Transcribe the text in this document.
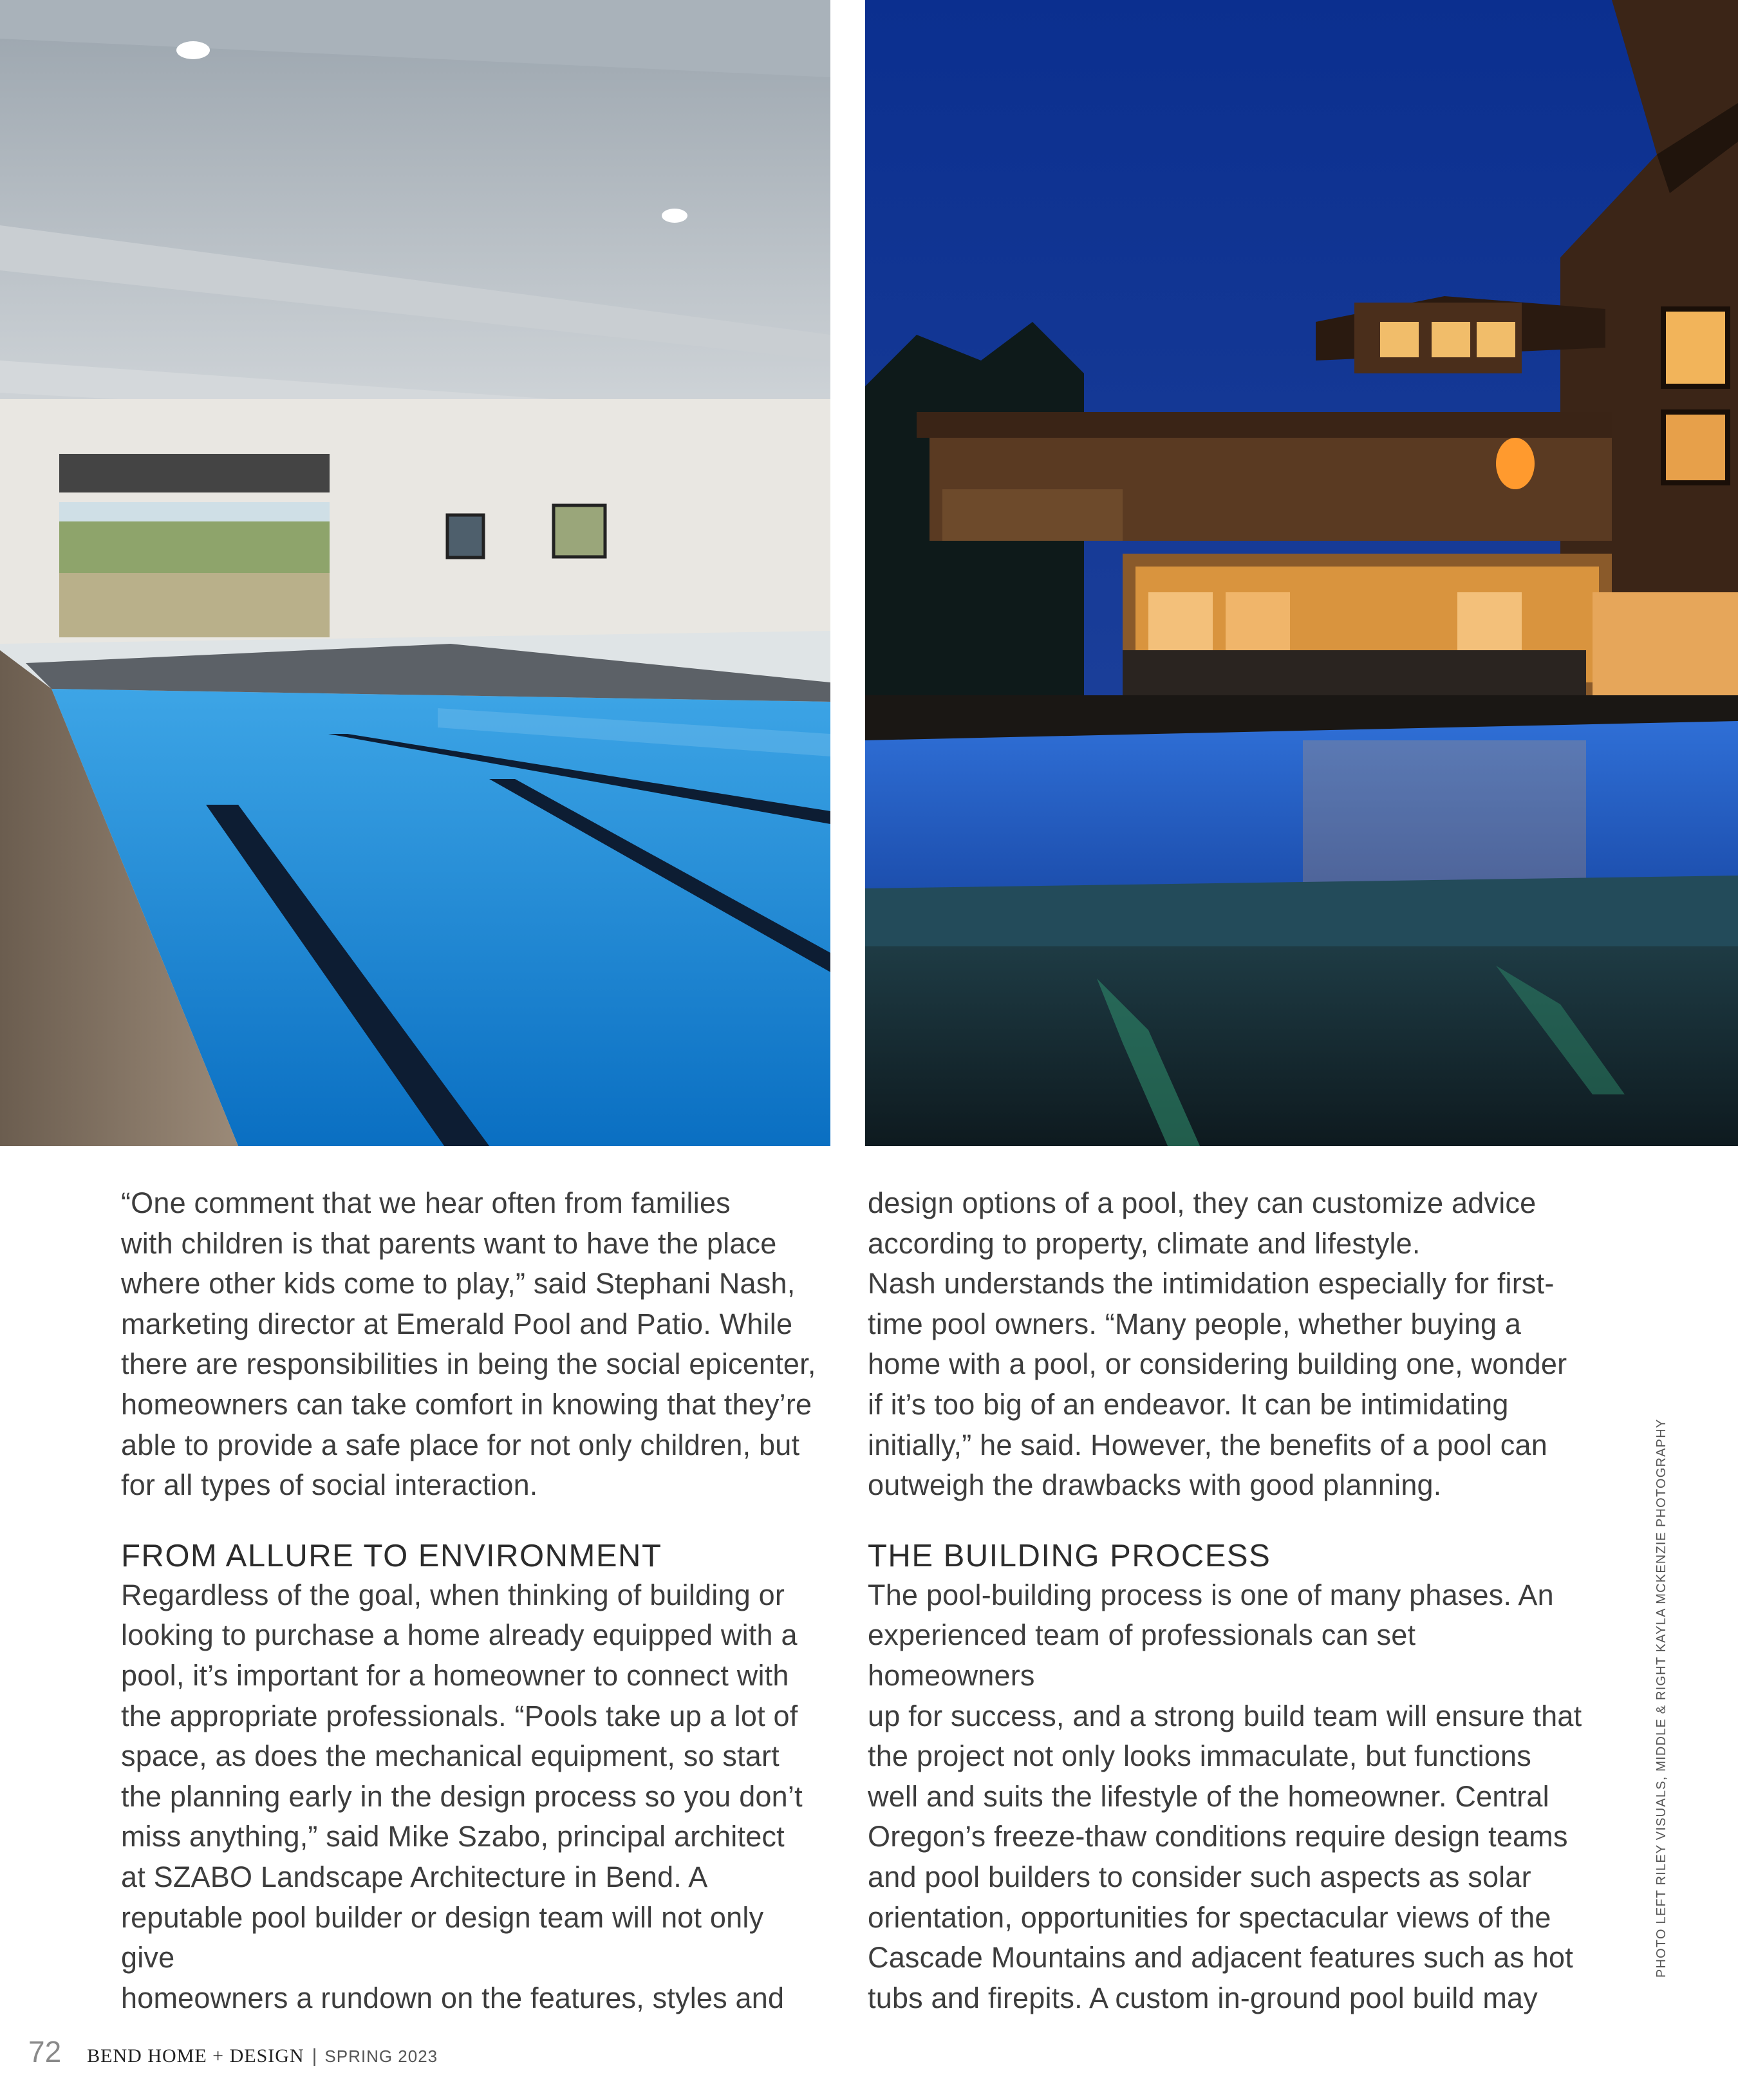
“One comment that we hear often from families
with children is that parents want to have the place
where other kids come to play,” said Stephani Nash,
marketing director at Emerald Pool and Patio. While
there are responsibilities in being the social epicenter,
homeowners can take comfort in knowing that they’re
able to provide a safe place for not only children, but
for all types of social interaction.

FROM ALLURE TO ENVIRONMENT

Regardless of the goal, when thinking of building or
looking to purchase a home already equipped with a
pool, it’s important for a homeowner to connect with
the appropriate professionals. “Pools take up a lot of
space, as does the mechanical equipment, so start
the planning early in the design process so you don’t
miss anything,” said Mike Szabo, principal architect
at SZABO Landscape Architecture in Bend. A
reputable pool builder or design team will not only give
homeowners a rundown on the features, styles and

design options of a pool, they can customize advice
according to property, climate and lifestyle.

Nash understands the intimidation especially for first-
time pool owners. “Many people, whether buying a
home with a pool, or considering building one, wonder
if it’s too big of an endeavor. It can be intimidating
initially,” he said. However, the benefits of a pool can
outweigh the drawbacks with good planning.

THE BUILDING PROCESS

The pool-building process is one of many phases. An
experienced team of professionals can set homeowners
up for success, and a strong build team will ensure that
the project not only looks immaculate, but functions
well and suits the lifestyle of the homeowner. Central
Oregon’s freeze-thaw conditions require design teams
and pool builders to consider such aspects as solar
orientation, opportunities for spectacular views of the
Cascade Mountains and adjacent features such as hot
tubs and firepits. A custom in-ground pool build may

PHOTO LEFT RILEY VISUALS, MIDDLE & RIGHT KAYLA MCKENZIE PHOTOGRAPHY
72 BEND HOME + DESIGN | SPRING 2023
